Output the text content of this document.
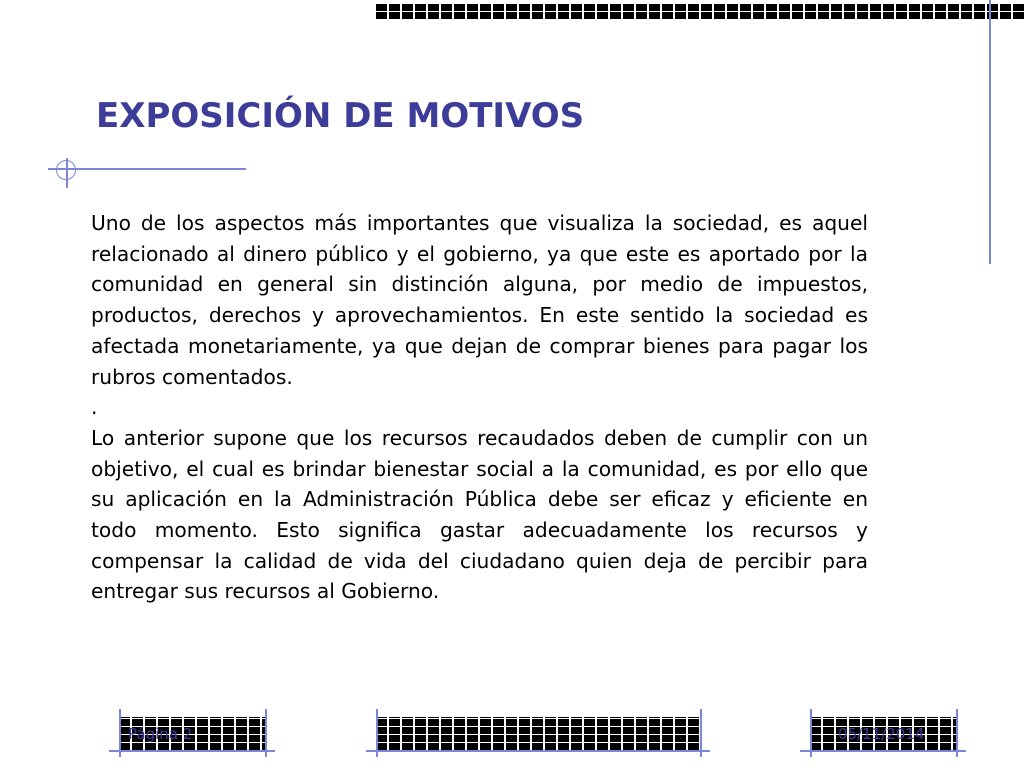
EXPOSICIÓN DE MOTIVOS

Uno de los aspectos más importantes que visualiza la sociedad, es aquel relacionado al dinero público y el gobierno, ya que este es aportado por la comunidad en general sin distinción alguna, por medio de impuestos, productos, derechos y aprovechamientos. En este sentido la sociedad es afectada monetariamente, ya que dejan de comprar bienes para pagar los rubros comentados.

.

Lo anterior supone que los recursos recaudados deben de cumplir con un objetivo, el cual es brindar bienestar social a la comunidad, es por ello que su aplicación en la Administración Pública debe ser eficaz y eficiente en todo momento. Esto significa gastar adecuadamente los recursos y compensar la calidad de vida del ciudadano quien deja de percibir para entregar sus recursos al Gobierno.

Página 2	05/11/2014
